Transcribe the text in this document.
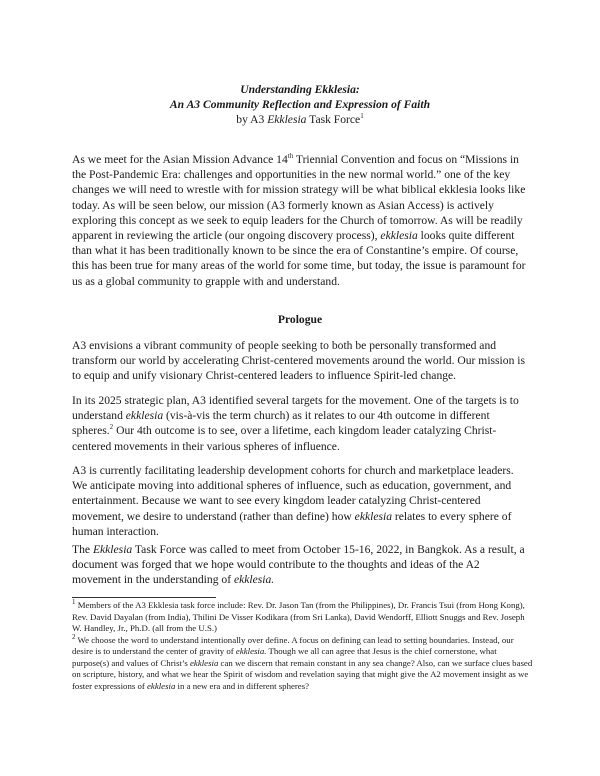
Understanding Ekklesia:
An A3 Community Reflection and Expression of Faith
by A3 Ekklesia Task Force$^1$

As we meet for the Asian Mission Advance 14th Triennial Convention and focus on “Missions in the Post-Pandemic Era: challenges and opportunities in the new normal world.” one of the key changes we will need to wrestle with for mission strategy will be what biblical ekklesia looks like today. As will be seen below, our mission (A3 formerly known as Asian Access) is actively exploring this concept as we seek to equip leaders for the Church of tomorrow. As will be readily apparent in reviewing the article (our ongoing discovery process), ekklesia looks quite different than what it has been traditionally known to be since the era of Constantine’s empire. Of course, this has been true for many areas of the world for some time, but today, the issue is paramount for us as a global community to grapple with and understand.

Prologue

A3 envisions a vibrant community of people seeking to both be personally transformed and transform our world by accelerating Christ-centered movements around the world. Our mission is to equip and unify visionary Christ-centered leaders to influence Spirit-led change.

In its 2025 strategic plan, A3 identified several targets for the movement. One of the targets is to understand ekklesia (vis-à-vis the term church) as it relates to our 4th outcome in different spheres.$^2$ Our 4th outcome is to see, over a lifetime, each kingdom leader catalyzing Christ-centered movements in their various spheres of influence.

A3 is currently facilitating leadership development cohorts for church and marketplace leaders. We anticipate moving into additional spheres of influence, such as education, government, and entertainment. Because we want to see every kingdom leader catalyzing Christ-centered movement, we desire to understand (rather than define) how ekklesia relates to every sphere of human interaction.

The Ekklesia Task Force was called to meet from October 15-16, 2022, in Bangkok. As a result, a document was forged that we hope would contribute to the thoughts and ideas of the A2 movement in the understanding of ekklesia.

$^1$ Members of the A3 Ekklesia task force include: Rev. Dr. Jason Tan (from the Philippines), Dr. Francis Tsui (from Hong Kong), Rev. David Dayalan (from India), Thilini De Visser Kodikara (from Sri Lanka), David Wendorff, Elliott Snuggs and Rev. Joseph W. Handley, Jr., Ph.D. (all from the U.S.)

$^2$ We choose the word to understand intentionally over define. A focus on defining can lead to setting boundaries. Instead, our desire is to understand the center of gravity of ekklesia. Though we all can agree that Jesus is the chief cornerstone, what purpose(s) and values of Christ’s ekklesia can we discern that remain constant in any sea change? Also, can we surface clues based on scripture, history, and what we hear the Spirit of wisdom and revelation saying that might give the A2 movement insight as we foster expressions of ekklesia in a new era and in different spheres?
